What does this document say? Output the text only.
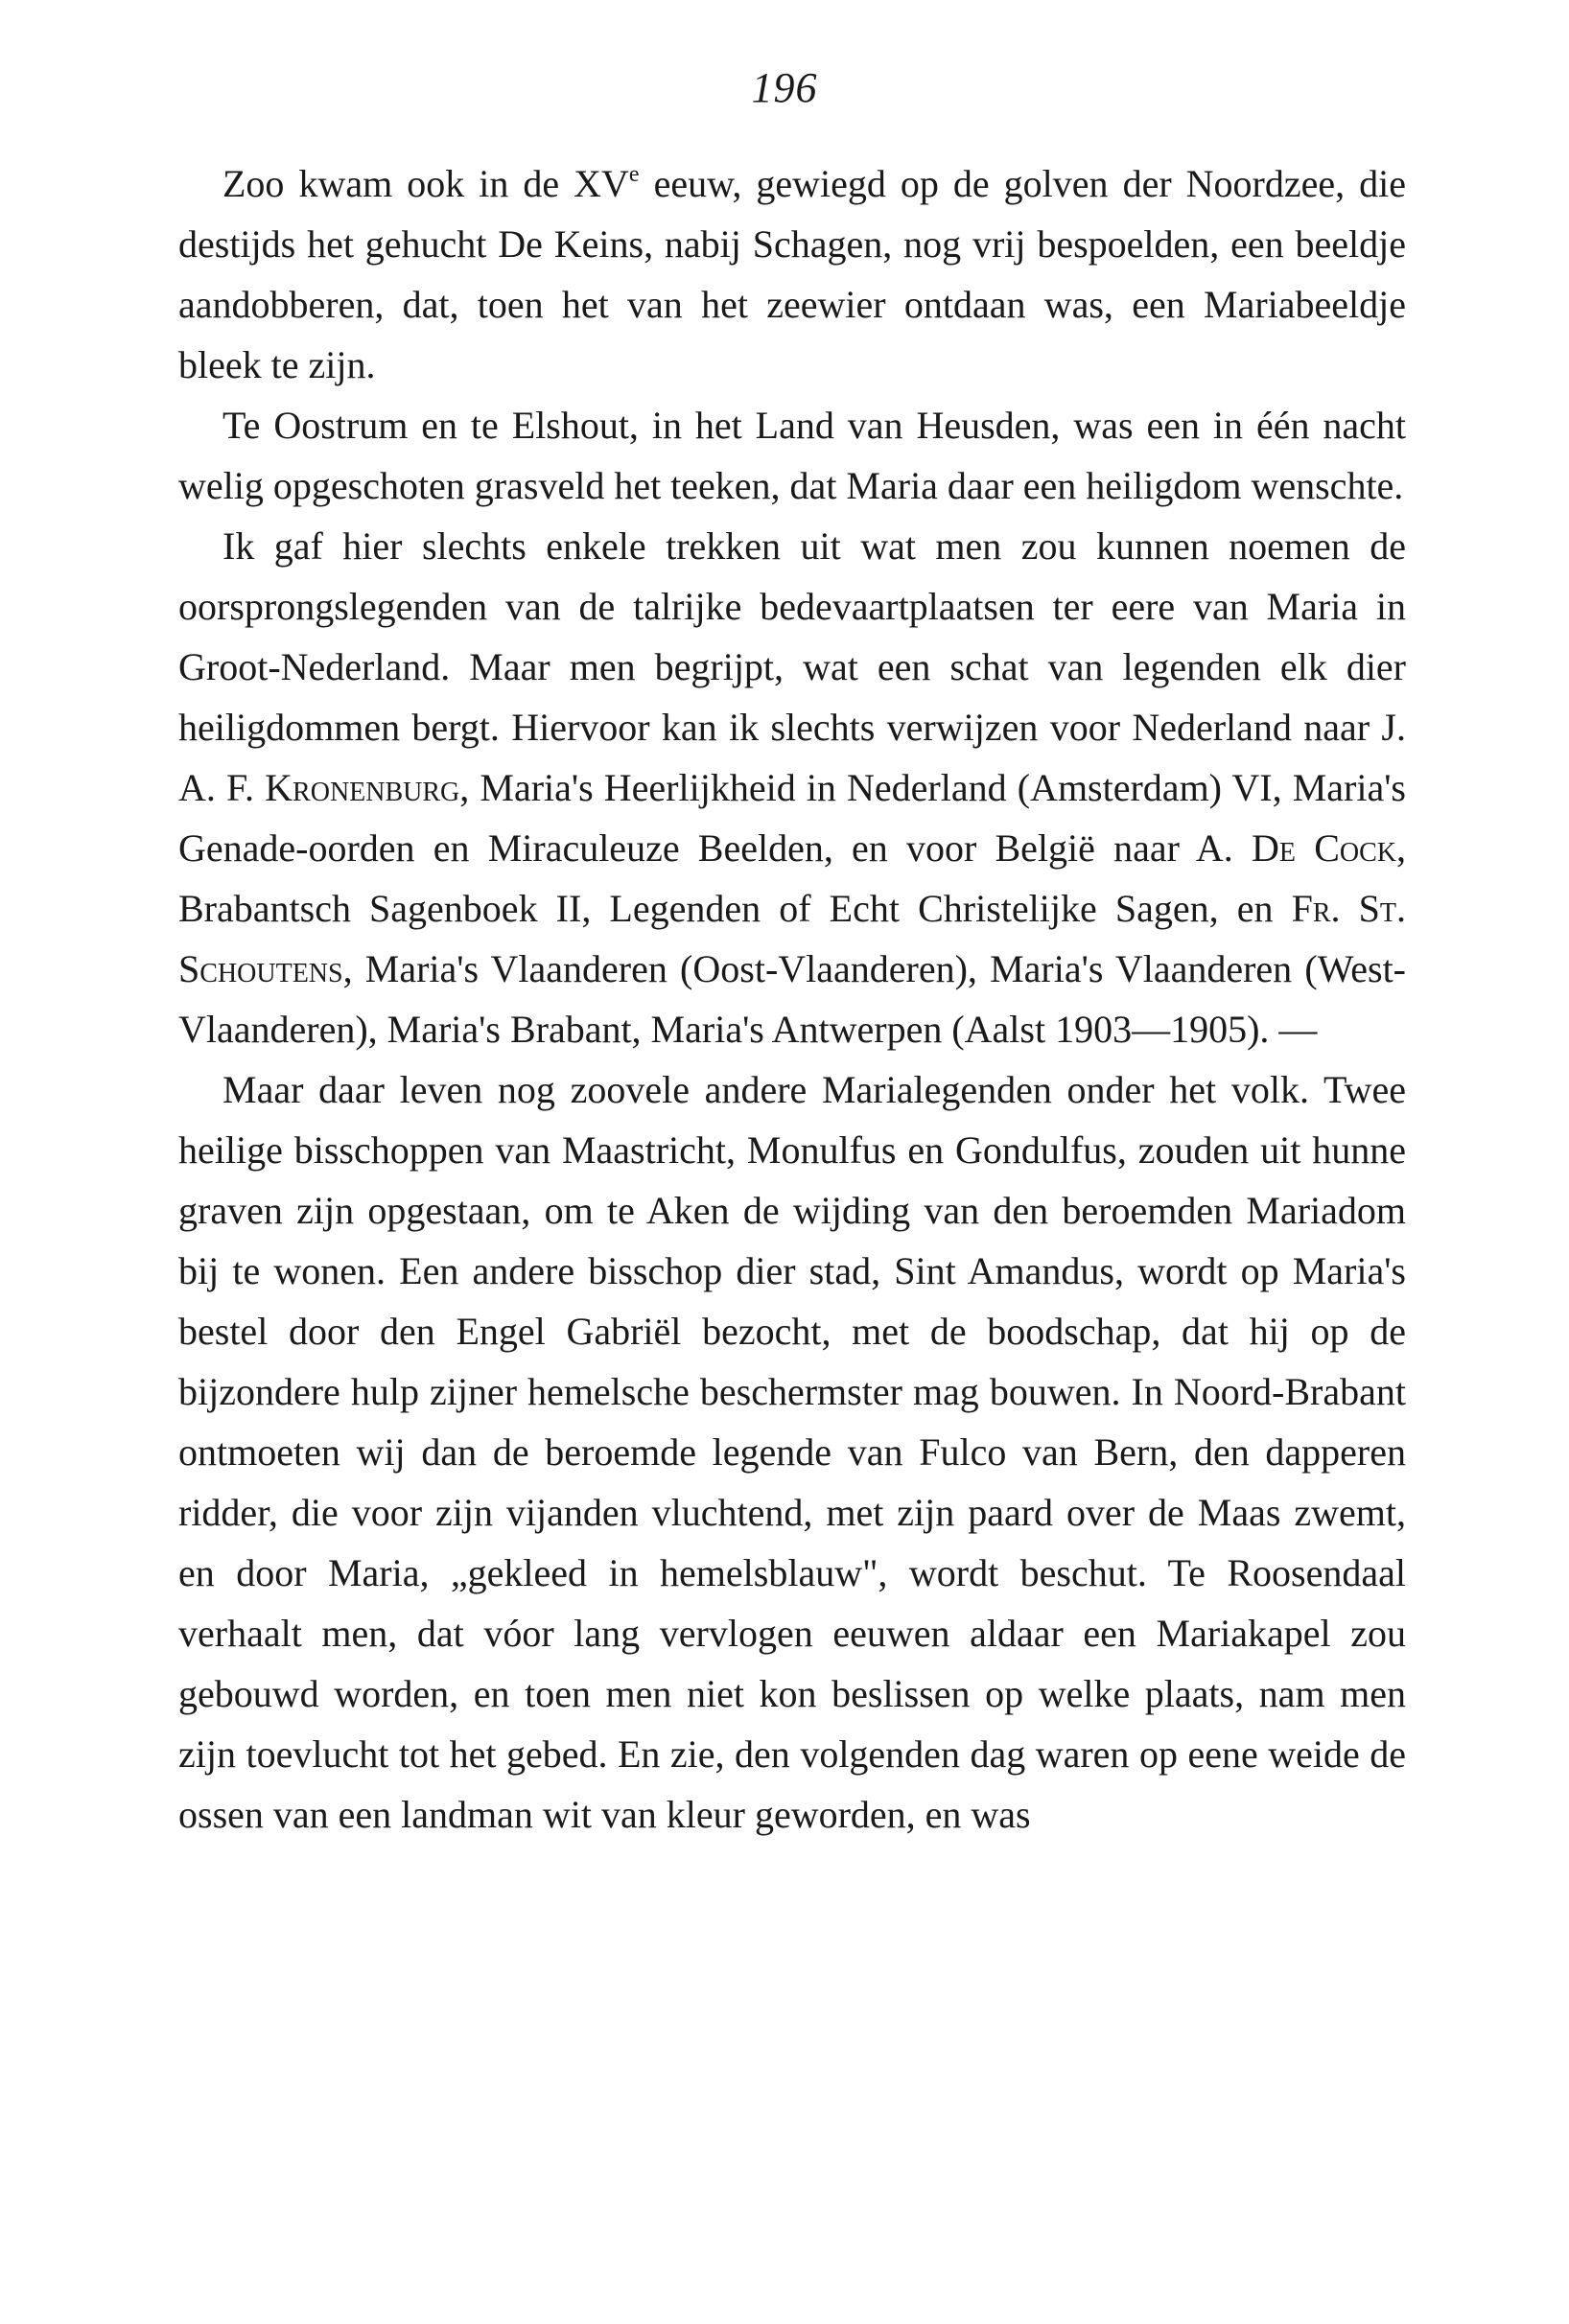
196

Zoo kwam ook in de XVe eeuw, gewiegd op de golven der Noordzee, die destijds het gehucht De Keins, nabij Schagen, nog vrij bespoelden, een beeldje aandobberen, dat, toen het van het zeewier ontdaan was, een Mariabeeldje bleek te zijn.

Te Oostrum en te Elshout, in het Land van Heusden, was een in één nacht welig opgeschoten grasveld het teeken, dat Maria daar een heiligdom wenschte.

Ik gaf hier slechts enkele trekken uit wat men zou kunnen noemen de oorsprongslegenden van de talrijke bedevaartplaatsen ter eere van Maria in Groot-Nederland. Maar men begrijpt, wat een schat van legenden elk dier heiligdommen bergt. Hiervoor kan ik slechts verwijzen voor Nederland naar J. A. F. Kronenburg, Maria's Heerlijkheid in Nederland (Amsterdam) VI, Maria's Genade-oorden en Miraculeuze Beelden, en voor België naar A. De Cock, Brabantsch Sagenboek II, Legenden of Echt Christelijke Sagen, en Fr. St. Schoutens, Maria's Vlaanderen (Oost-Vlaanderen), Maria's Vlaanderen (West-Vlaanderen), Maria's Brabant, Maria's Antwerpen (Aalst 1903—1905). —

Maar daar leven nog zoovele andere Marialegenden onder het volk. Twee heilige bisschoppen van Maastricht, Monulfus en Gondulfus, zouden uit hunne graven zijn opgestaan, om te Aken de wijding van den beroemden Mariadom bij te wonen. Een andere bisschop dier stad, Sint Amandus, wordt op Maria's bestel door den Engel Gabriël bezocht, met de boodschap, dat hij op de bijzondere hulp zijner hemelsche beschermster mag bouwen. In Noord-Brabant ontmoeten wij dan de beroemde legende van Fulco van Bern, den dapperen ridder, die voor zijn vijanden vluchtend, met zijn paard over de Maas zwemt, en door Maria, „gekleed in hemelsblauw", wordt beschut. Te Roosendaal verhaalt men, dat vóor lang vervlogen eeuwen aldaar een Mariakapel zou gebouwd worden, en toen men niet kon beslissen op welke plaats, nam men zijn toevlucht tot het gebed. En zie, den volgenden dag waren op eene weide de ossen van een landman wit van kleur geworden, en was
